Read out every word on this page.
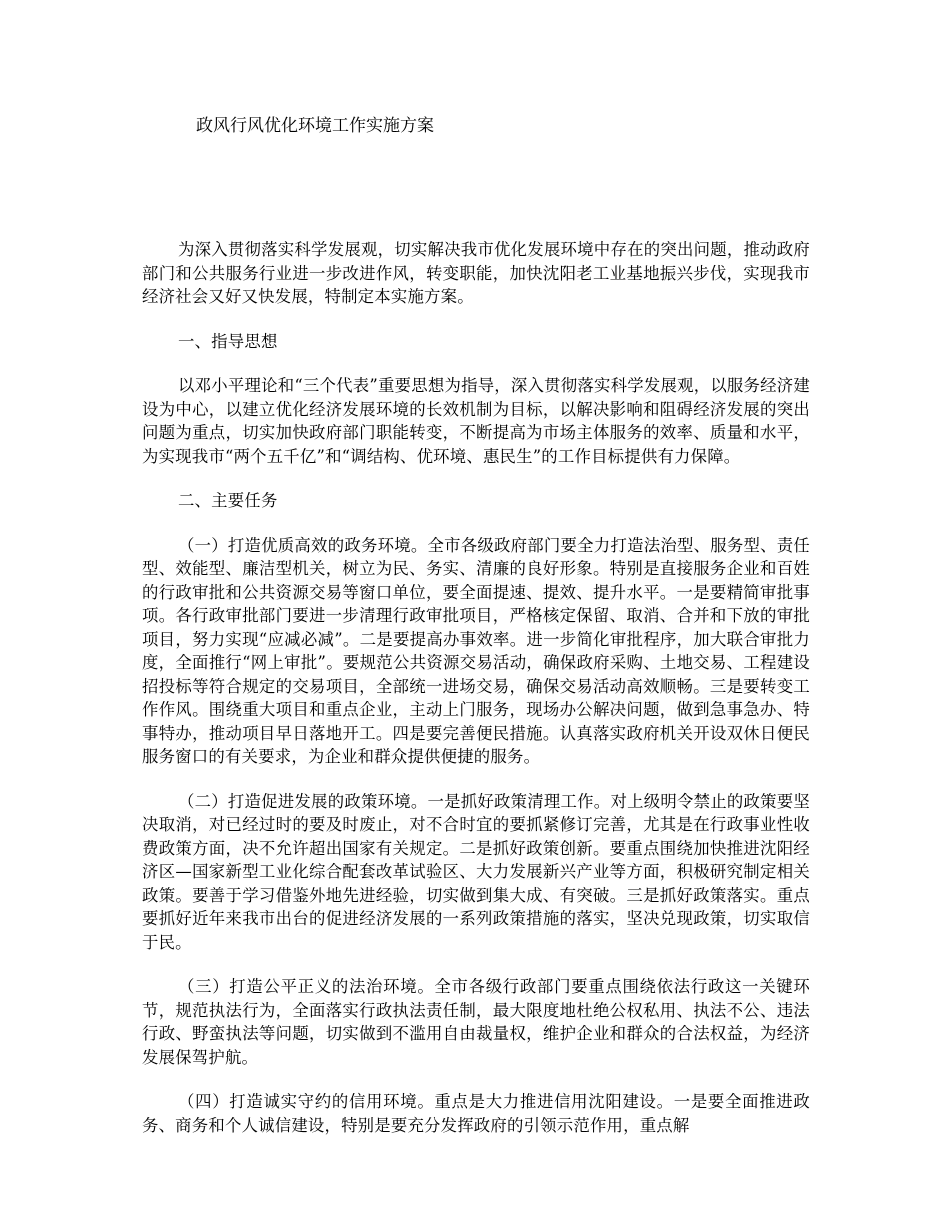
政风行风优化环境工作实施方案

为深入贯彻落实科学发展观，切实解决我市优化发展环境中存在的突出问题，推动政府部门和公共服务行业进一步改进作风，转变职能，加快沈阳老工业基地振兴步伐，实现我市经济社会又好又快发展，特制定本实施方案。

一、指导思想

以邓小平理论和“三个代表”重要思想为指导，深入贯彻落实科学发展观，以服务经济建设为中心，以建立优化经济发展环境的长效机制为目标，以解决影响和阻碍经济发展的突出问题为重点，切实加快政府部门职能转变，不断提高为市场主体服务的效率、质量和水平，为实现我市“两个五千亿”和“调结构、优环境、惠民生”的工作目标提供有力保障。

二、主要任务

（一）打造优质高效的政务环境。全市各级政府部门要全力打造法治型、服务型、责任型、效能型、廉洁型机关，树立为民、务实、清廉的良好形象。特别是直接服务企业和百姓的行政审批和公共资源交易等窗口单位，要全面提速、提效、提升水平。一是要精简审批事项。各行政审批部门要进一步清理行政审批项目，严格核定保留、取消、合并和下放的审批项目，努力实现“应减必减”。二是要提高办事效率。进一步简化审批程序，加大联合审批力度，全面推行“网上审批”。要规范公共资源交易活动，确保政府采购、土地交易、工程建设招投标等符合规定的交易项目，全部统一进场交易，确保交易活动高效顺畅。三是要转变工作作风。围绕重大项目和重点企业，主动上门服务，现场办公解决问题，做到急事急办、特事特办，推动项目早日落地开工。四是要完善便民措施。认真落实政府机关开设双休日便民服务窗口的有关要求，为企业和群众提供便捷的服务。

（二）打造促进发展的政策环境。一是抓好政策清理工作。对上级明令禁止的政策要坚决取消，对已经过时的要及时废止，对不合时宜的要抓紧修订完善，尤其是在行政事业性收费政策方面，决不允许超出国家有关规定。二是抓好政策创新。要重点围绕加快推进沈阳经济区—国家新型工业化综合配套改革试验区、大力发展新兴产业等方面，积极研究制定相关政策。要善于学习借鉴外地先进经验，切实做到集大成、有突破。三是抓好政策落实。重点要抓好近年来我市出台的促进经济发展的一系列政策措施的落实，坚决兑现政策，切实取信于民。

（三）打造公平正义的法治环境。全市各级行政部门要重点围绕依法行政这一关键环节，规范执法行为，全面落实行政执法责任制，最大限度地杜绝公权私用、执法不公、违法行政、野蛮执法等问题，切实做到不滥用自由裁量权，维护企业和群众的合法权益，为经济发展保驾护航。

（四）打造诚实守约的信用环境。重点是大力推进信用沈阳建设。一是要全面推进政务、商务和个人诚信建设，特别是要充分发挥政府的引领示范作用，重点解
